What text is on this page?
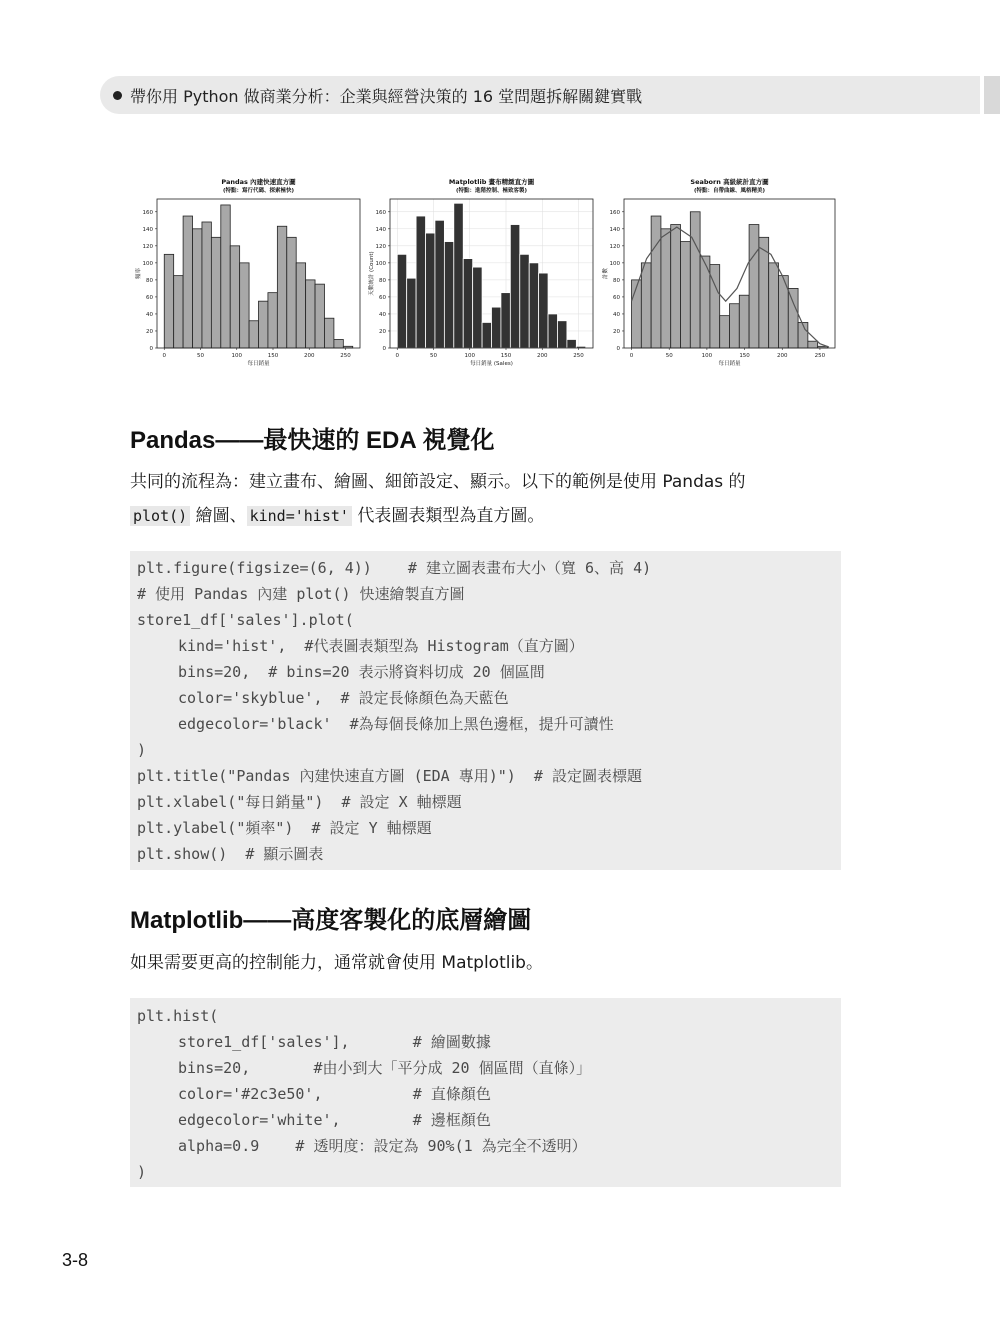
帶你用 Python 做商業分析：企業與經營決策的 16 堂問題拆解關鍵實戰
Pandas 內建快速直方圖
(特點：寫行代碼、探索極快)
0
20
40
60
80
100
120
140
160
0	50	100	150	200	250
每日銷量
頻率
Matplotlib 畫布精緻直方圖
(特點：進階控制、極致客製)
0
20
40
60
80
100
120
140
160
0	50	100	150	200	250
每日銷量 (Sales)
天數統計 (Count)
Seaborn 高級統計直方圖
(特點：自帶曲線、風格精美)
0
20
40
60
80
100
120
140
160
0	50	100	150	200	250
每日銷量
計數
Pandas——最快速的 EDA 視覺化
共同的流程為：建立畫布、繪圖、細節設定、顯示。以下的範例是使用 Pandas 的
plot() 繪圖、 kind='hist' 代表圖表類型為直方圖。
plt.figure(figsize=(6, 4))    # 建立圖表畫布大小（寬 6、高 4)
# 使用 Pandas 內建 plot() 快速繪製直方圖
store1_df['sales'].plot(
kind='hist',  #代表圖表類型為 Histogram（直方圖）
bins=20,  # bins=20 表示將資料切成 20 個區間
color='skyblue',  # 設定長條顏色為天藍色
edgecolor='black'  #為每個長條加上黑色邊框，提升可讀性
)
plt.title("Pandas 內建快速直方圖 (EDA 專用)")  # 設定圖表標題
plt.xlabel("每日銷量")  # 設定 X 軸標題
plt.ylabel("頻率")  # 設定 Y 軸標題
plt.show()  # 顯示圖表
Matplotlib——高度客製化的底層繪圖
如果需要更高的控制能力，通常就會使用 Matplotlib。
plt.hist(
store1_df['sales'],       # 繪圖數據
bins=20,       #由小到大「平分成 20 個區間（直條）」
color='#2c3e50',          # 直條顏色
edgecolor='white',        # 邊框顏色
alpha=0.9    # 透明度：設定為 90%(1 為完全不透明）
)
3-8
